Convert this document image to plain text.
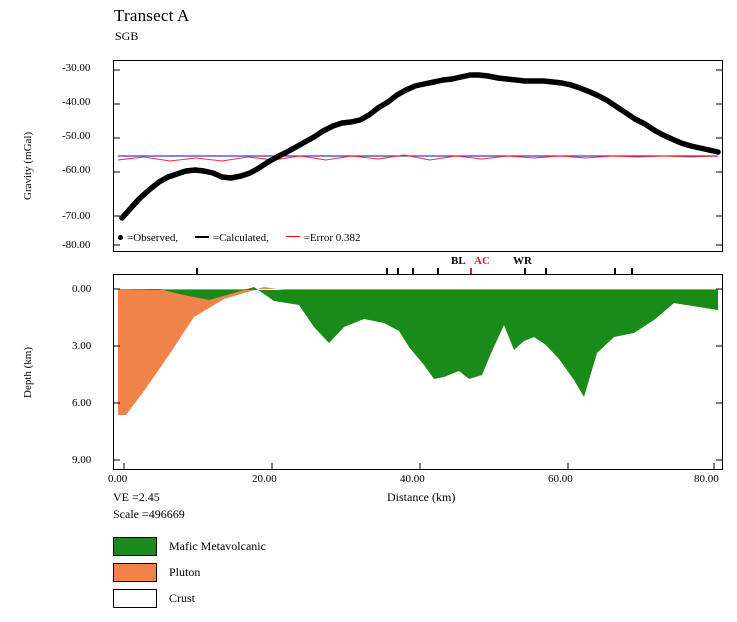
Transect A
SGB
Gravity (mGal)
-30.00
-40.00
-50.00
-60.00
-70.00
-80.00
=Observed,	=Calculated,	=Error 0.382
BL AC WR
Depth (km)
0.00
3.00
6.00
9.00
0.00	20.00	40.00	60.00	80.00
Distance (km)
VE =2.45
Scale =496669
Mafic Metavolcanic
Pluton
Crust
